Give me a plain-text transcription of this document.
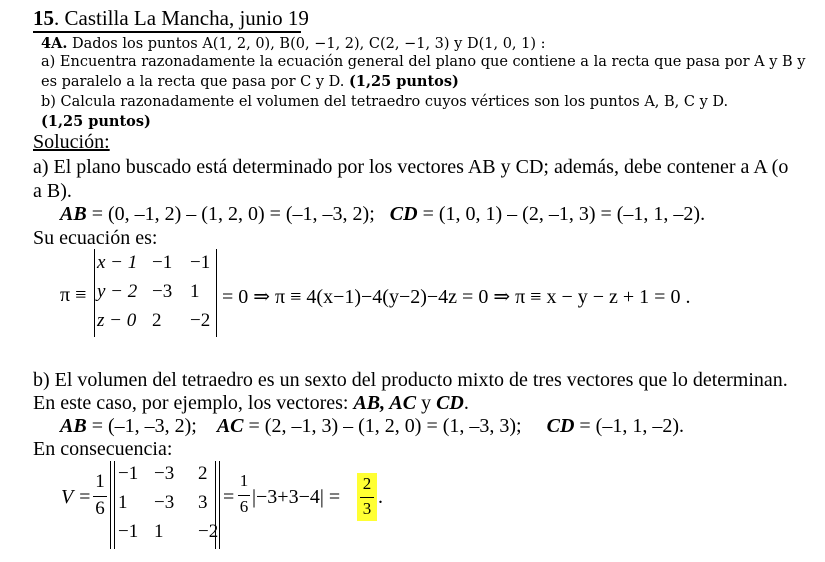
15. Castilla La Mancha, junio 19
4A. Dados los puntos A(1, 2, 0), B(0, −1, 2), C(2, −1, 3) y D(1, 0, 1) :
a) Encuentra razonadamente la ecuación general del plano que contiene a la recta que pasa por A y B y
es paralelo a la recta que pasa por C y D. (1,25 puntos)
b) Calcula razonadamente el volumen del tetraedro cuyos vértices son los puntos A, B, C y D.
(1,25 puntos)
Solución:
a) El plano buscado está determinado por los vectores AB y CD; además, debe contener a A (o
a B).
AB = (0, –1, 2) – (1, 2, 0) = (–1, –3, 2); CD = (1, 0, 1) – (2, –1, 3) = (–1, 1, –2).
Su ecuación es:
π ≡
x − 1 −1 −1
y − 2 −3 1
z − 0 2 −2
= 0 ⇒ π ≡ 4(x−1)−4(y−2)−4z = 0 ⇒ π ≡ x − y − z + 1 = 0 .
b) El volumen del tetraedro es un sexto del producto mixto de tres vectores que lo determinan.
En este caso, por ejemplo, los vectores: AB, AC y CD.
AB = (–1, –3, 2); AC = (2, –1, 3) – (1, 2, 0) = (1, –3, 3); CD = (–1, 1, –2).
En consecuencia:
V =
1
6
−1 −3 2
1 −3 3
−1 1 −2
=
1
6 |−3+3−4| =
2
3
.
